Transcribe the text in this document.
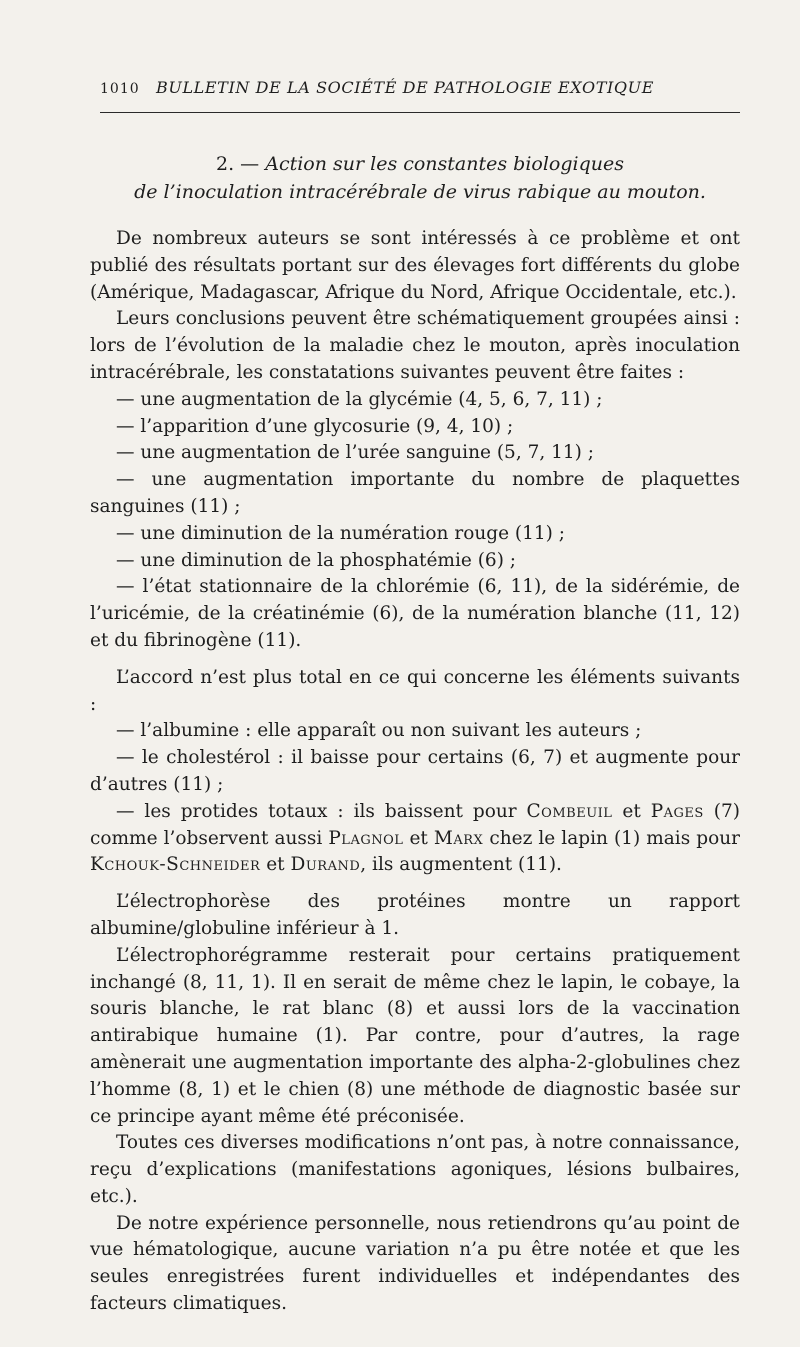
1010	BULLETIN DE LA SOCIÉTÉ DE PATHOLOGIE EXOTIQUE
2. — Action sur les constantes biologiques
de l’inoculation intracérébrale de virus rabique au mouton.

De nombreux auteurs se sont intéressés à ce problème et ont publié des résultats portant sur des élevages fort différents du globe (Amérique, Madagascar, Afrique du Nord, Afrique Occidentale, etc.).

Leurs conclusions peuvent être schématiquement groupées ainsi : lors de l’évolution de la maladie chez le mouton, après inoculation intracérébrale, les constatations suivantes peuvent être faites :

— une augmentation de la glycémie (4, 5, 6, 7, 11) ;

— l’apparition d’une glycosurie (9, 4, 10) ;

— une augmentation de l’urée sanguine (5, 7, 11) ;

— une augmentation importante du nombre de plaquettes sanguines (11) ;

— une diminution de la numération rouge (11) ;

— une diminution de la phosphatémie (6) ;

— l’état stationnaire de la chlorémie (6, 11), de la sidérémie, de l’uricémie, de la créatinémie (6), de la numération blanche (11, 12) et du fibrinogène (11).

L’accord n’est plus total en ce qui concerne les éléments suivants :

— l’albumine : elle apparaît ou non suivant les auteurs ;

— le cholestérol : il baisse pour certains (6, 7) et augmente pour d’autres (11) ;

— les protides totaux : ils baissent pour Combeuil et Pages (7) comme l’observent aussi Plagnol et Marx chez le lapin (1) mais pour Kchouk-Schneider et Durand, ils augmentent (11).

L’électrophorèse des protéines montre un rapport albumine/globuline inférieur à 1.

L’électrophorégramme resterait pour certains pratiquement inchangé (8, 11, 1). Il en serait de même chez le lapin, le cobaye, la souris blanche, le rat blanc (8) et aussi lors de la vaccination antirabique humaine (1). Par contre, pour d’autres, la rage amènerait une augmentation importante des alpha-2-globulines chez l’homme (8, 1) et le chien (8) une méthode de diagnostic basée sur ce principe ayant même été préconisée.

Toutes ces diverses modifications n’ont pas, à notre connaissance, reçu d’explications (manifestations agoniques, lésions bulbaires, etc.).

De notre expérience personnelle, nous retiendrons qu’au point de vue hématologique, aucune variation n’a pu être notée et que les seules enregistrées furent individuelles et indépendantes des facteurs climatiques.
